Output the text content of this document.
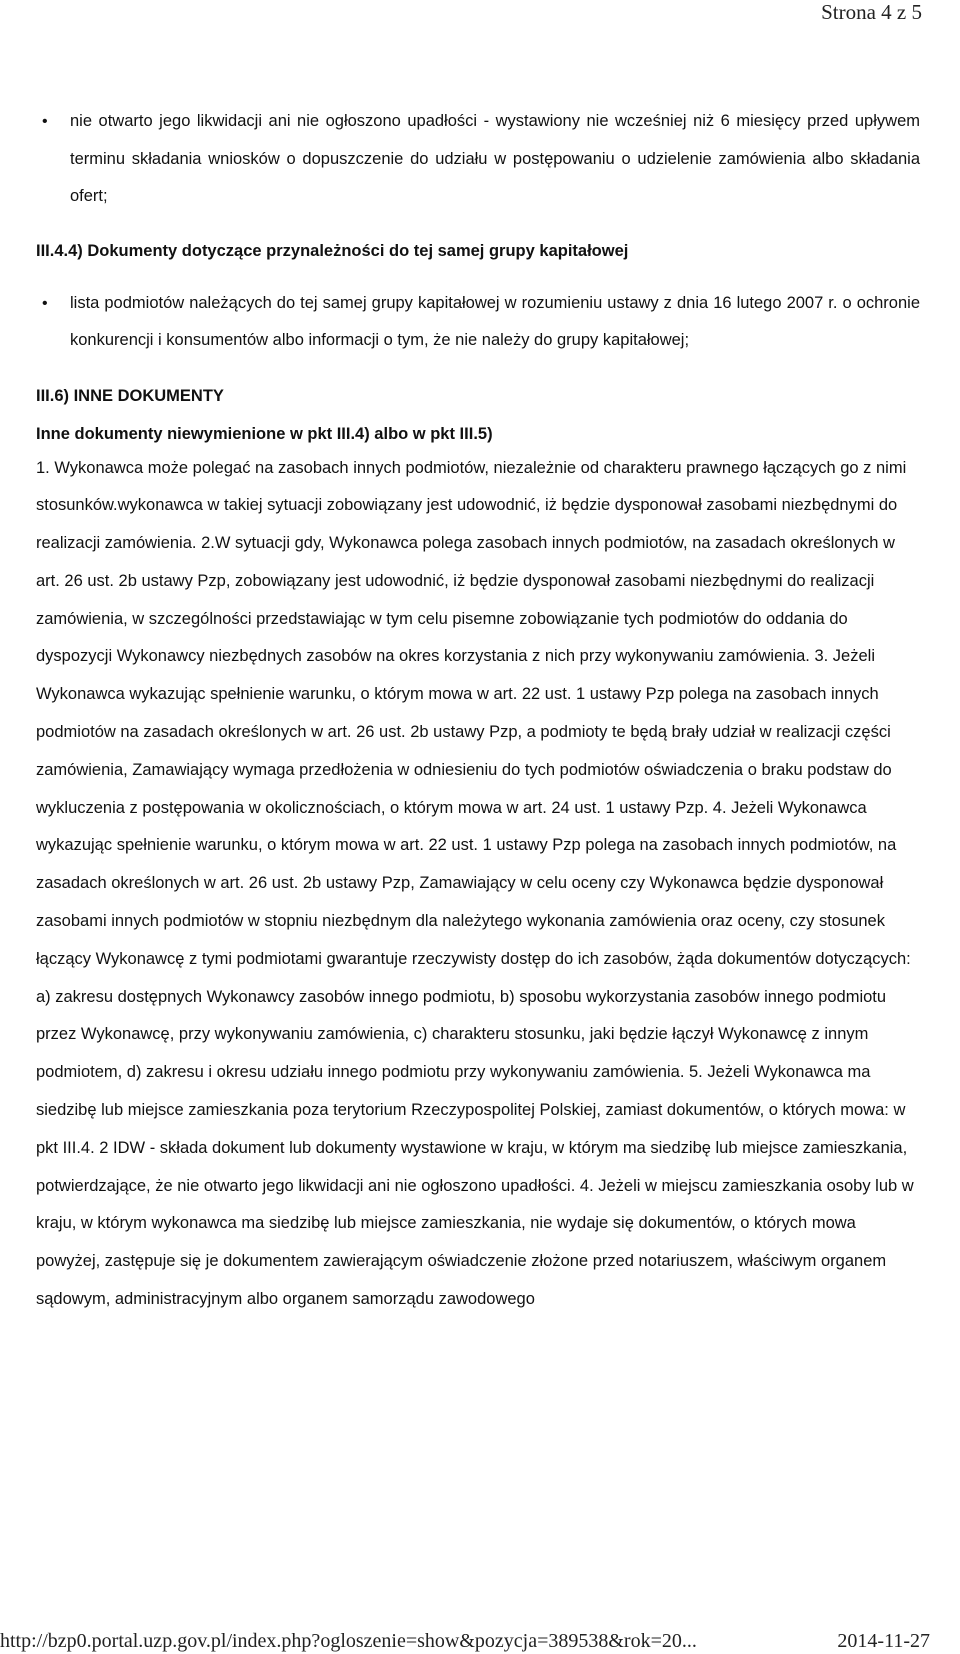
Strona 4 z 5

• nie otwarto jego likwidacji ani nie ogłoszono upadłości - wystawiony nie wcześniej niż 6 miesięcy przed upływem terminu składania wniosków o dopuszczenie do udziału w postępowaniu o udzielenie zamówienia albo składania ofert;

III.4.4) Dokumenty dotyczące przynależności do tej samej grupy kapitałowej

• lista podmiotów należących do tej samej grupy kapitałowej w rozumieniu ustawy z dnia 16 lutego 2007 r. o ochronie konkurencji i konsumentów albo informacji o tym, że nie należy do grupy kapitałowej;

III.6) INNE DOKUMENTY

Inne dokumenty niewymienione w pkt III.4) albo w pkt III.5)

1. Wykonawca może polegać na zasobach innych podmiotów, niezależnie od charakteru prawnego łączących go z nimi stosunków.wykonawca w takiej sytuacji zobowiązany jest udowodnić, iż będzie dysponował zasobami niezbędnymi do realizacji zamówienia. 2.W sytuacji gdy, Wykonawca polega zasobach innych podmiotów, na zasadach określonych w art. 26 ust. 2b ustawy Pzp, zobowiązany jest udowodnić, iż będzie dysponował zasobami niezbędnymi do realizacji zamówienia, w szczególności przedstawiając w tym celu pisemne zobowiązanie tych podmiotów do oddania do dyspozycji Wykonawcy niezbędnych zasobów na okres korzystania z nich przy wykonywaniu zamówienia. 3. Jeżeli Wykonawca wykazując spełnienie warunku, o którym mowa w art. 22 ust. 1 ustawy Pzp polega na zasobach innych podmiotów na zasadach określonych w art. 26 ust. 2b ustawy Pzp, a podmioty te będą brały udział w realizacji części zamówienia, Zamawiający wymaga przedłożenia w odniesieniu do tych podmiotów oświadczenia o braku podstaw do wykluczenia z postępowania w okolicznościach, o którym mowa w art. 24 ust. 1 ustawy Pzp. 4. Jeżeli Wykonawca wykazując spełnienie warunku, o którym mowa w art. 22 ust. 1 ustawy Pzp polega na zasobach innych podmiotów, na zasadach określonych w art. 26 ust. 2b ustawy Pzp, Zamawiający w celu oceny czy Wykonawca będzie dysponował zasobami innych podmiotów w stopniu niezbędnym dla należytego wykonania zamówienia oraz oceny, czy stosunek łączący Wykonawcę z tymi podmiotami gwarantuje rzeczywisty dostęp do ich zasobów, żąda dokumentów dotyczących: a) zakresu dostępnych Wykonawcy zasobów innego podmiotu, b) sposobu wykorzystania zasobów innego podmiotu przez Wykonawcę, przy wykonywaniu zamówienia, c) charakteru stosunku, jaki będzie łączył Wykonawcę z innym podmiotem, d) zakresu i okresu udziału innego podmiotu przy wykonywaniu zamówienia. 5. Jeżeli Wykonawca ma siedzibę lub miejsce zamieszkania poza terytorium Rzeczypospolitej Polskiej, zamiast dokumentów, o których mowa: w pkt III.4. 2 IDW - składa dokument lub dokumenty wystawione w kraju, w którym ma siedzibę lub miejsce zamieszkania, potwierdzające, że nie otwarto jego likwidacji ani nie ogłoszono upadłości. 4. Jeżeli w miejscu zamieszkania osoby lub w kraju, w którym wykonawca ma siedzibę lub miejsce zamieszkania, nie wydaje się dokumentów, o których mowa powyżej, zastępuje się je dokumentem zawierającym oświadczenie złożone przed notariuszem, właściwym organem sądowym, administracyjnym albo organem samorządu zawodowego

http://bzp0.portal.uzp.gov.pl/index.php?ogloszenie=show&pozycja=389538&rok=20...	2014-11-27
